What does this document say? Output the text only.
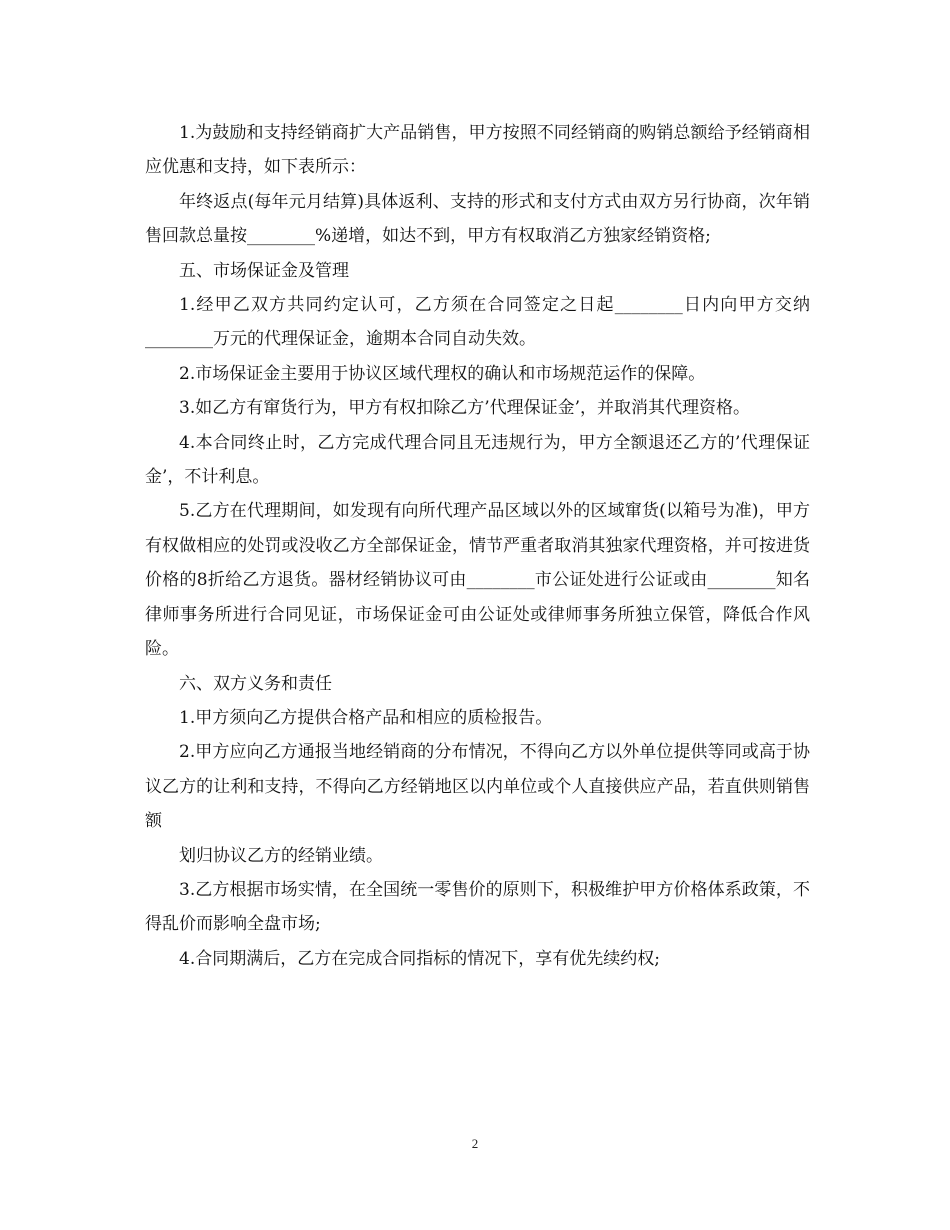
1.为鼓励和支持经销商扩大产品销售，甲方按照不同经销商的购销总额给予经销商相应优惠和支持，如下表所示：

年终返点(每年元月结算)具体返利、支持的形式和支付方式由双方另行协商，次年销售回款总量按________%递增，如达不到，甲方有权取消乙方独家经销资格;

五、市场保证金及管理

1.经甲乙双方共同约定认可，乙方须在合同签定之日起________日内向甲方交纳________万元的代理保证金，逾期本合同自动失效。

2.市场保证金主要用于协议区域代理权的确认和市场规范运作的保障。

3.如乙方有窜货行为，甲方有权扣除乙方’代理保证金’，并取消其代理资格。

4.本合同终止时，乙方完成代理合同且无违规行为，甲方全额退还乙方的’代理保证金’，不计利息。

5.乙方在代理期间，如发现有向所代理产品区域以外的区域窜货(以箱号为准)，甲方有权做相应的处罚或没收乙方全部保证金，情节严重者取消其独家代理资格，并可按进货价格的8折给乙方退货。器材经销协议可由________市公证处进行公证或由________知名律师事务所进行合同见证，市场保证金可由公证处或律师事务所独立保管，降低合作风险。

六、双方义务和责任

1.甲方须向乙方提供合格产品和相应的质检报告。

2.甲方应向乙方通报当地经销商的分布情况，不得向乙方以外单位提供等同或高于协议乙方的让利和支持，不得向乙方经销地区以内单位或个人直接供应产品，若直供则销售额

划归协议乙方的经销业绩。

3.乙方根据市场实情，在全国统一零售价的原则下，积极维护甲方价格体系政策，不得乱价而影响全盘市场;

4.合同期满后，乙方在完成合同指标的情况下，享有优先续约权;

2
